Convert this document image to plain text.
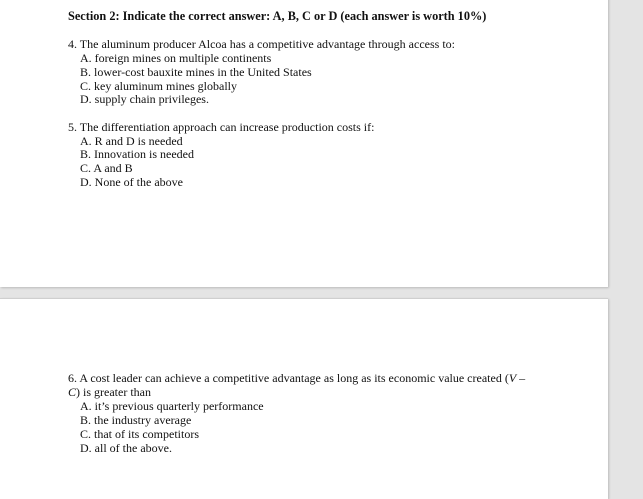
Section 2: Indicate the correct answer: A, B, C or D (each answer is worth 10%)
4. The aluminum producer Alcoa has a competitive advantage through access to:
A. foreign mines on multiple continents
B. lower-cost bauxite mines in the United States
C. key aluminum mines globally
D. supply chain privileges.
5. The differentiation approach can increase production costs if:
A. R and D is needed
B. Innovation is needed
C. A and B
D. None of the above
6. A cost leader can achieve a competitive advantage as long as its economic value created (V –
C) is greater than
A. it’s previous quarterly performance
B. the industry average
C. that of its competitors
D. all of the above.
